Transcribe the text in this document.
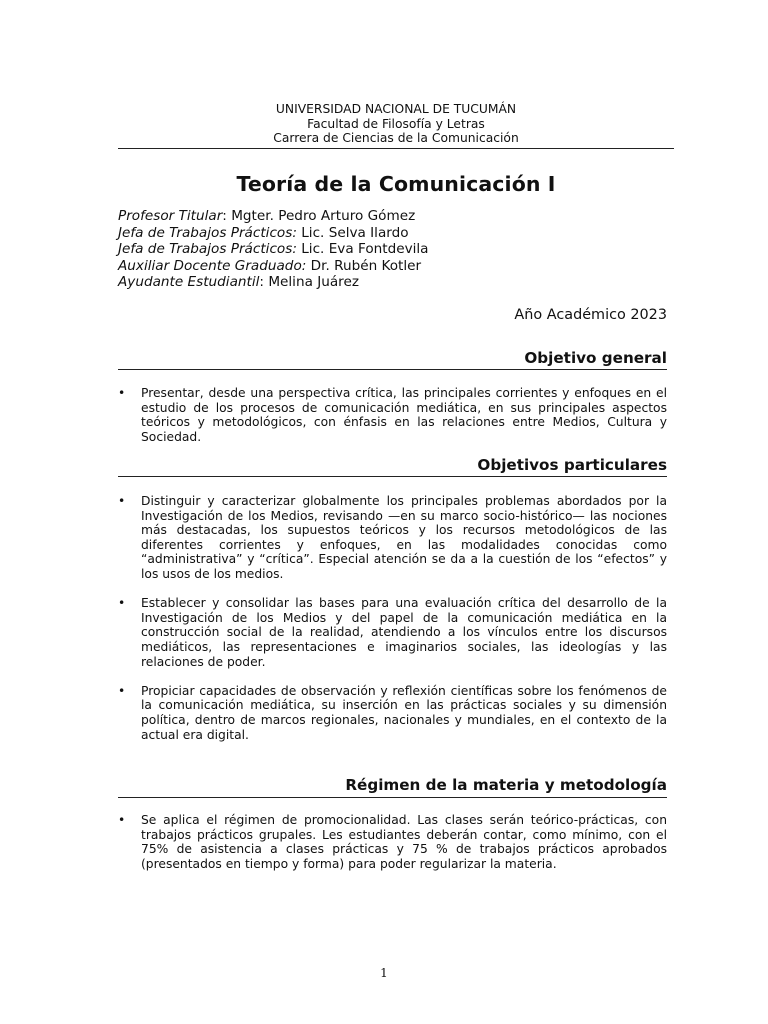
UNIVERSIDAD NACIONAL DE TUCUMÁN
Facultad de Filosofía y Letras
Carrera de Ciencias de la Comunicación
Teoría de la Comunicación I
Profesor Titular: Mgter. Pedro Arturo Gómez
Jefa de Trabajos Prácticos: Lic. Selva Ilardo
Jefa de Trabajos Prácticos: Lic. Eva Fontdevila
Auxiliar Docente Graduado: Dr. Rubén Kotler
Ayudante Estudiantil: Melina Juárez
Año Académico 2023
Objetivo general
• Presentar, desde una perspectiva crítica, las principales corrientes y enfoques en el estudio de los procesos de comunicación mediática, en sus principales aspectos teóricos y metodológicos, con énfasis en las relaciones entre Medios, Cultura y Sociedad.
Objetivos particulares
• Distinguir y caracterizar globalmente los principales problemas abordados por la Investigación de los Medios, revisando —en su marco socio-histórico— las nociones más destacadas, los supuestos teóricos y los recursos metodológicos de las diferentes corrientes y enfoques, en las modalidades conocidas como “administrativa” y “crítica”. Especial atención se da a la cuestión de los “efectos” y los usos de los medios.
• Establecer y consolidar las bases para una evaluación crítica del desarrollo de la Investigación de los Medios y del papel de la comunicación mediática en la construcción social de la realidad, atendiendo a los vínculos entre los discursos mediáticos, las representaciones e imaginarios sociales, las ideologías y las relaciones de poder.
• Propiciar capacidades de observación y reflexión científicas sobre los fenómenos de la comunicación mediática, su inserción en las prácticas sociales y su dimensión política, dentro de marcos regionales, nacionales y mundiales, en el contexto de la actual era digital.
Régimen de la materia y metodología
• Se aplica el régimen de promocionalidad. Las clases serán teórico-prácticas, con trabajos prácticos grupales. Les estudiantes deberán contar, como mínimo, con el 75% de asistencia a clases prácticas y 75 % de trabajos prácticos aprobados (presentados en tiempo y forma) para poder regularizar la materia.
1
